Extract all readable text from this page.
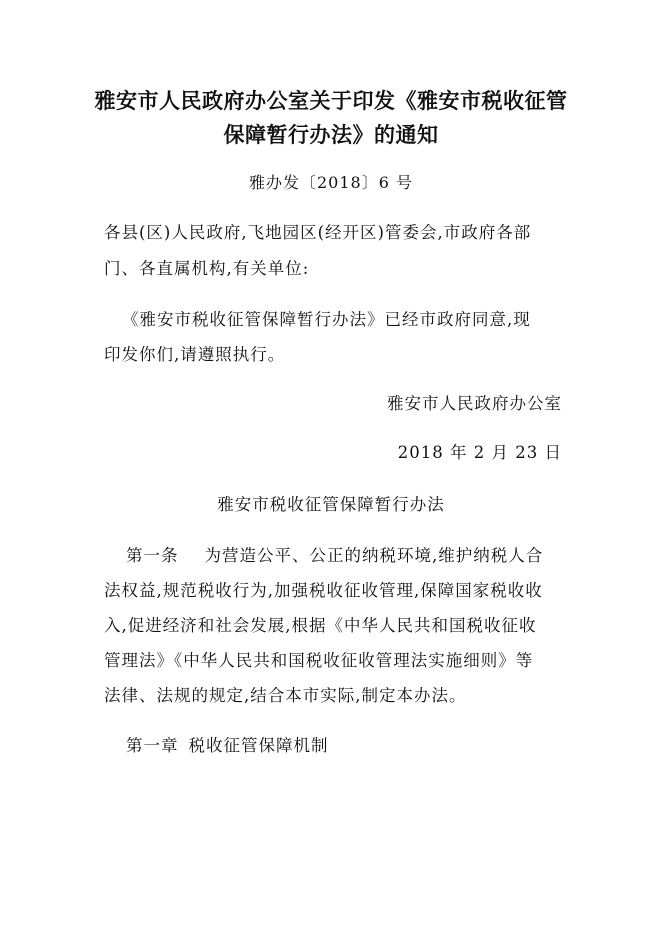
雅安市人民政府办公室关于印发《雅安市税收征管
保障暂行办法》的通知
雅办发〔2018〕6 号
各县(区)人民政府,飞地园区(经开区)管委会,市政府各部
门、各直属机构,有关单位:
《雅安市税收征管保障暂行办法》已经市政府同意,现
印发你们,请遵照执行。
雅安市人民政府办公室
2018 年 2 月 23 日
雅安市税收征管保障暂行办法
第一条 为营造公平、公正的纳税环境,维护纳税人合
法权益,规范税收行为,加强税收征收管理,保障国家税收收
入,促进经济和社会发展,根据《中华人民共和国税收征收
管理法》《中华人民共和国税收征收管理法实施细则》等
法律、法规的规定,结合本市实际,制定本办法。
第一章 税收征管保障机制
